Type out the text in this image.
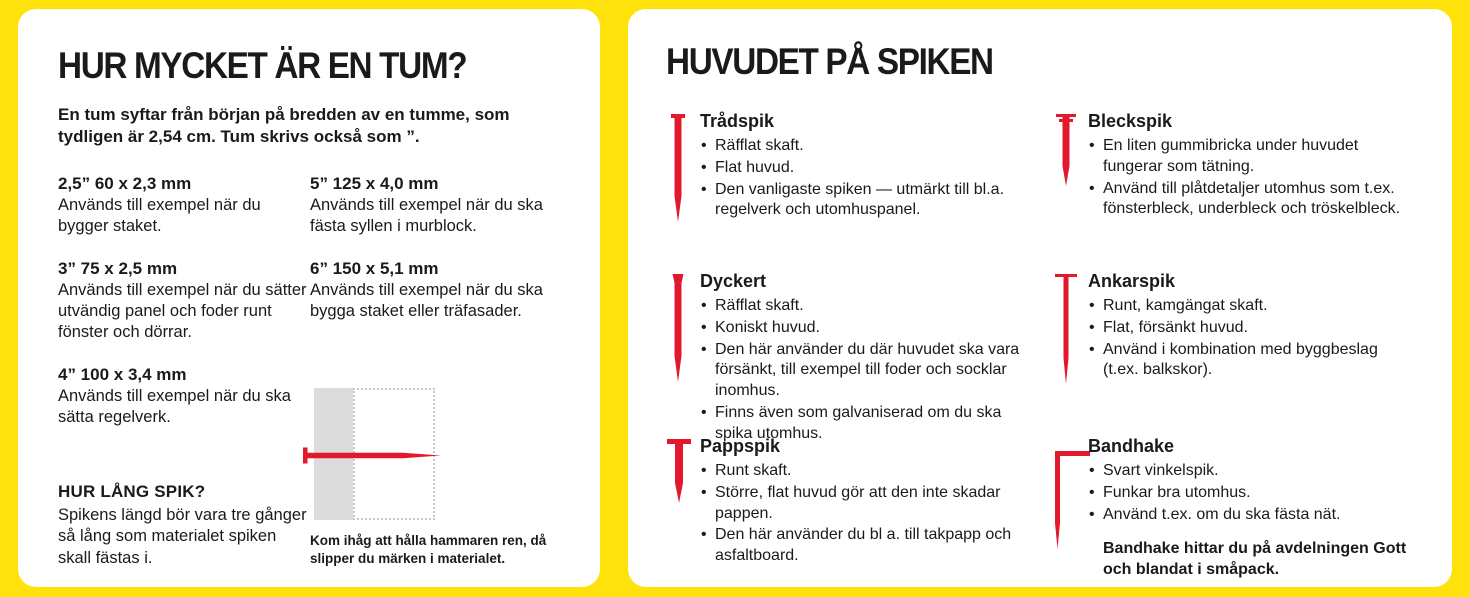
HUR MYCKET ÄR EN TUM?

En tum syftar från början på bredden av en tumme, som tydligen är 2,54 cm. Tum skrivs också som ”.

2,5” 60 x 2,3 mm
Används till exempel när du bygger staket.
3” 75 x 2,5 mm
Används till exempel när du sätter utvändig panel och foder runt fönster och dörrar.
4” 100 x 3,4 mm
Används till exempel när du ska sätta regelverk.
HUR LÅNG SPIK?
Spikens längd bör vara tre gånger så lång som materialet spiken skall fästas i.
5” 125 x 4,0 mm
Används till exempel när du ska fästa syllen i murblock.
6” 150 x 5,1 mm
Används till exempel när du ska bygga staket eller träfasader.

Kom ihåg att hålla hammaren ren, då slipper du märken i materialet.

HUVUDET PÅ SPIKEN
Trådspik
• Räfflat skaft.
• Flat huvud.
• Den vanligaste spiken — utmärkt till bl.a. regelverk och utomhuspanel.
Bleckspik
• En liten gummibricka under huvudet fungerar som tätning.
• Använd till plåtdetaljer utomhus som t.ex. fönsterbleck, underbleck och tröskelbleck.
Dyckert
• Räfflat skaft.
• Koniskt huvud.
• Den här använder du där huvudet ska vara försänkt, till exempel till foder och socklar inomhus.
• Finns även som galvaniserad om du ska spika utomhus.
Ankarspik
• Runt, kamgängat skaft.
• Flat, försänkt huvud.
• Använd i kombination med byggbeslag (t.ex. balkskor).
Pappspik
• Runt skaft.
• Större, flat huvud gör att den inte skadar pappen.
• Den här använder du bl a. till takpapp och asfaltboard.
Bandhake
• Svart vinkelspik.
• Funkar bra utomhus.
• Använd t.ex. om du ska fästa nät.

Bandhake hittar du på avdelningen Gott och blandat i småpack.
